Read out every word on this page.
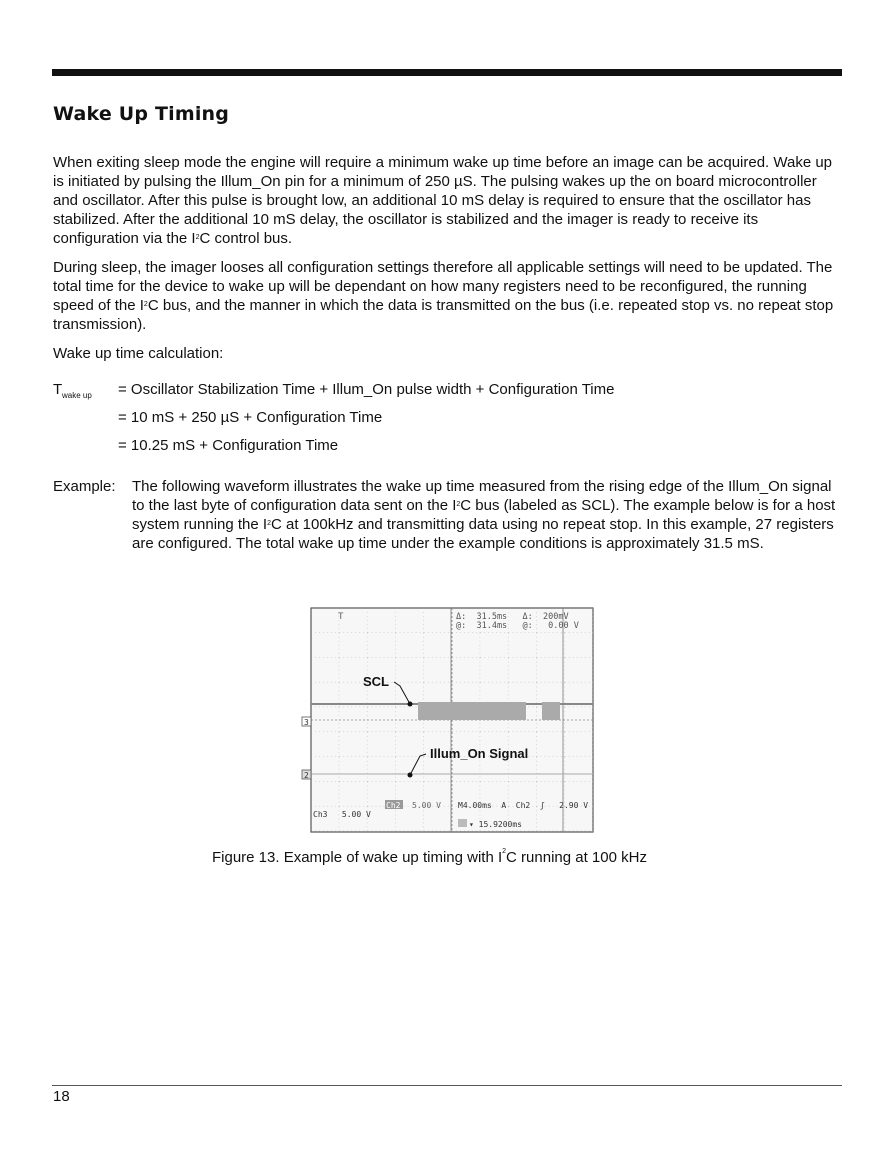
Wake Up Timing

When exiting sleep mode the engine will require a minimum wake up time before an image can be acquired. Wake up is initiated by pulsing the Illum_On pin for a minimum of 250 µS. The pulsing wakes up the on board microcontroller and oscillator. After this pulse is brought low, an additional 10 mS delay is required to ensure that the oscillator has stabilized. After the additional 10 mS delay, the oscillator is stabilized and the imager is ready to receive its configuration via the $I^2C$ control bus.

During sleep, the imager looses all configuration settings therefore all applicable settings will need to be updated. The total time for the device to wake up will be dependant on how many registers need to be reconfigured, the running speed of the $I^2C$ bus, and the manner in which the data is transmitted on the bus (i.e. repeated stop vs. no repeat stop transmission).

Wake up time calculation:

T wake up = Oscillator Stabilization Time + Illum_On pulse width + Configuration Time
= 10 mS + 250 µS + Configuration Time
= 10.25 mS + Configuration Time
Example: The following waveform illustrates the wake up time measured from the rising edge of the Illum_On signal to the last byte of configuration data sent on the $I^2C$ bus (labeled as SCL). The example below is for a host system running the $I^2C$ at 100kHz and transmitting data using no repeat stop. In this example, 27 registers are configured. The total wake up time under the example conditions is approximately 31.5 mS.
T	Δ:  31.5ms   Δ:  200mV
@:  31.4ms   @:   0.00 V
SCL
Illum_On Signal
3
2
Ch2 5.00 V M4.00ms  A  Ch2  ʃ   2.90 V
Ch3   5.00 V
▾ 15.9200ms
Figure 13. Example of wake up timing with $I^2C$ running at 100 kHz
18
